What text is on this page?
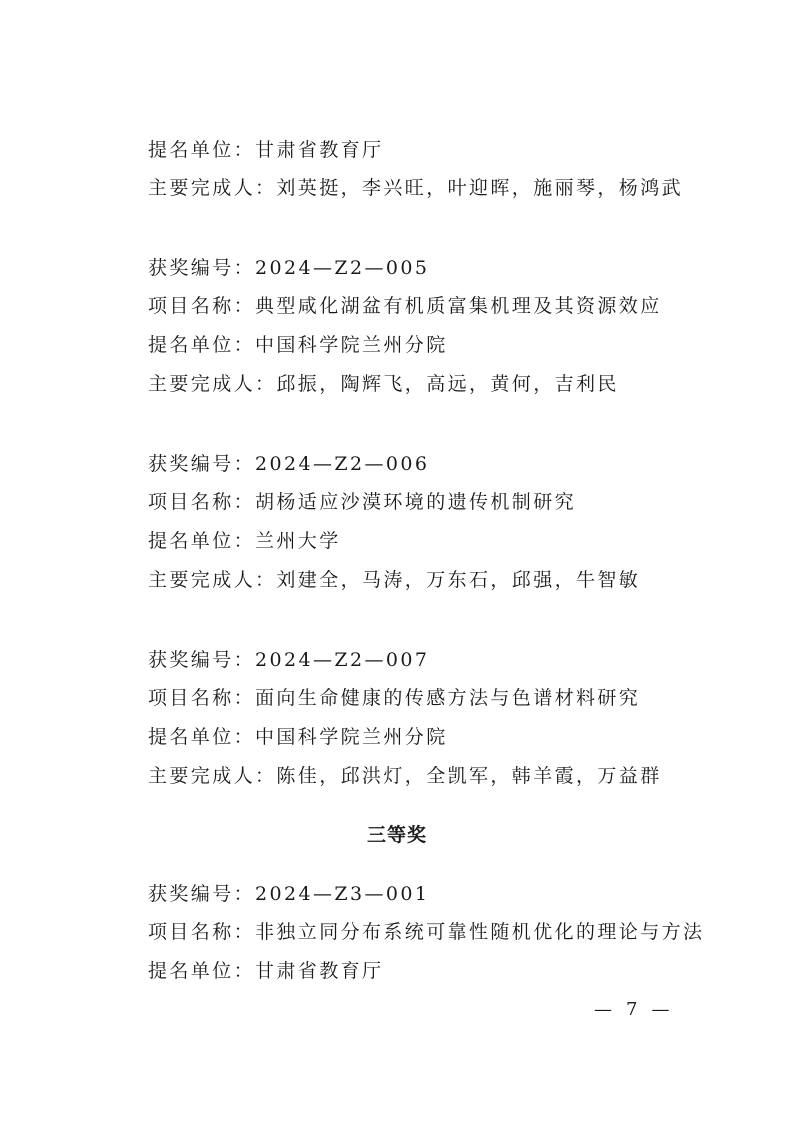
提名单位：甘肃省教育厅
主要完成人：刘英挺，李兴旺，叶迎晖，施丽琴，杨鸿武
获奖编号：2024—Z2—005
项目名称：典型咸化湖盆有机质富集机理及其资源效应
提名单位：中国科学院兰州分院
主要完成人：邱振，陶辉飞，高远，黄何，吉利民
获奖编号：2024—Z2—006
项目名称：胡杨适应沙漠环境的遗传机制研究
提名单位：兰州大学
主要完成人：刘建全，马涛，万东石，邱强，牛智敏
获奖编号：2024—Z2—007
项目名称：面向生命健康的传感方法与色谱材料研究
提名单位：中国科学院兰州分院
主要完成人：陈佳，邱洪灯，全凯军，韩羊霞，万益群
三等奖
获奖编号：2024—Z3—001
项目名称：非独立同分布系统可靠性随机优化的理论与方法
提名单位：甘肃省教育厅
— 7 —
